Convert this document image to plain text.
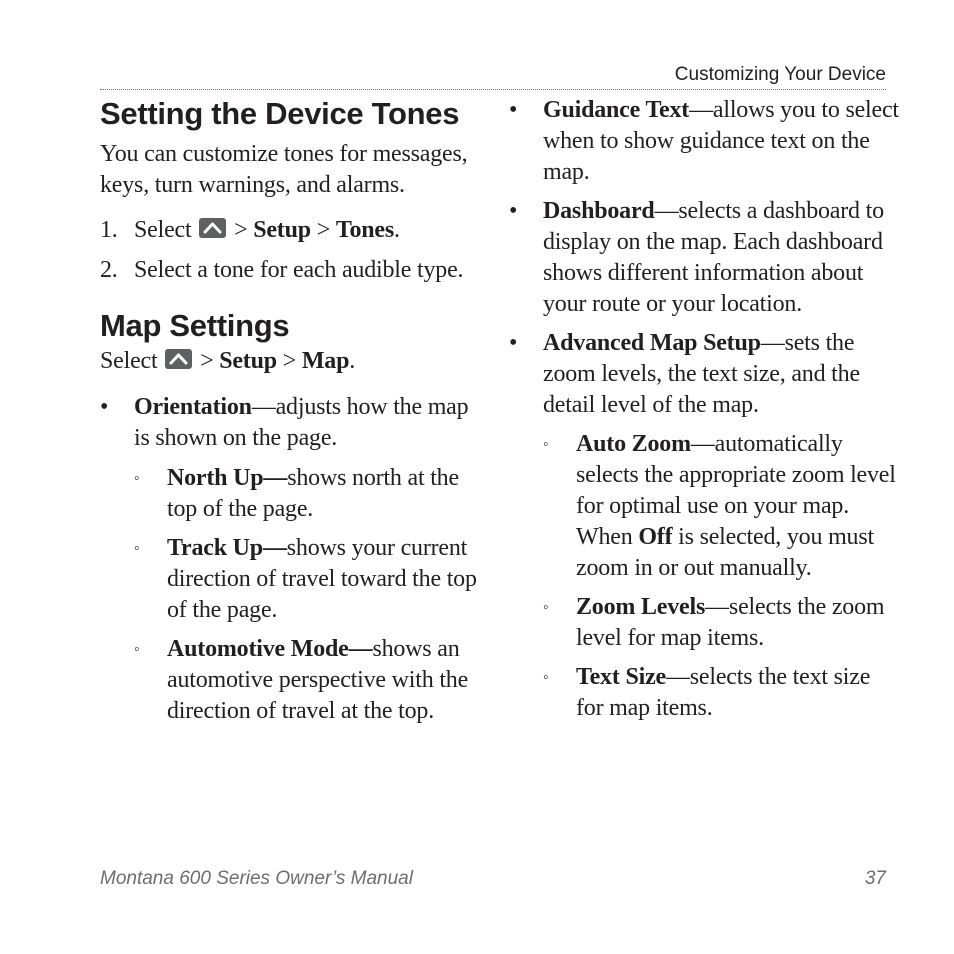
Customizing Your Device
Setting the Device Tones

You can customize tones for messages, keys, turn warnings, and alarms.

1. Select
> Setup > Tones.
2. Select a tone for each audible type.
Map Settings

Select
> Setup > Map.

•	Orientation—adjusts how the map is shown on the page.
◦	North Up—shows north at the top of the page.
◦	Track Up—shows your current direction of travel toward the top of the page.
◦	Automotive Mode—shows an automotive perspective with the direction of travel at the top.
•	Guidance Text—allows you to select when to show guidance text on the map.
•	Dashboard—selects a dashboard to display on the map. Each dashboard shows different information about your route or your location.
•	Advanced Map Setup—sets the zoom levels, the text size, and the detail level of the map.
◦	Auto Zoom—automatically selects the appropriate zoom level for optimal use on your map. When Off is selected, you must zoom in or out manually.
◦	Zoom Levels—selects the zoom level for map items.
◦	Text Size—selects the text size for map items.
Montana 600 Series Owner’s Manual	37
